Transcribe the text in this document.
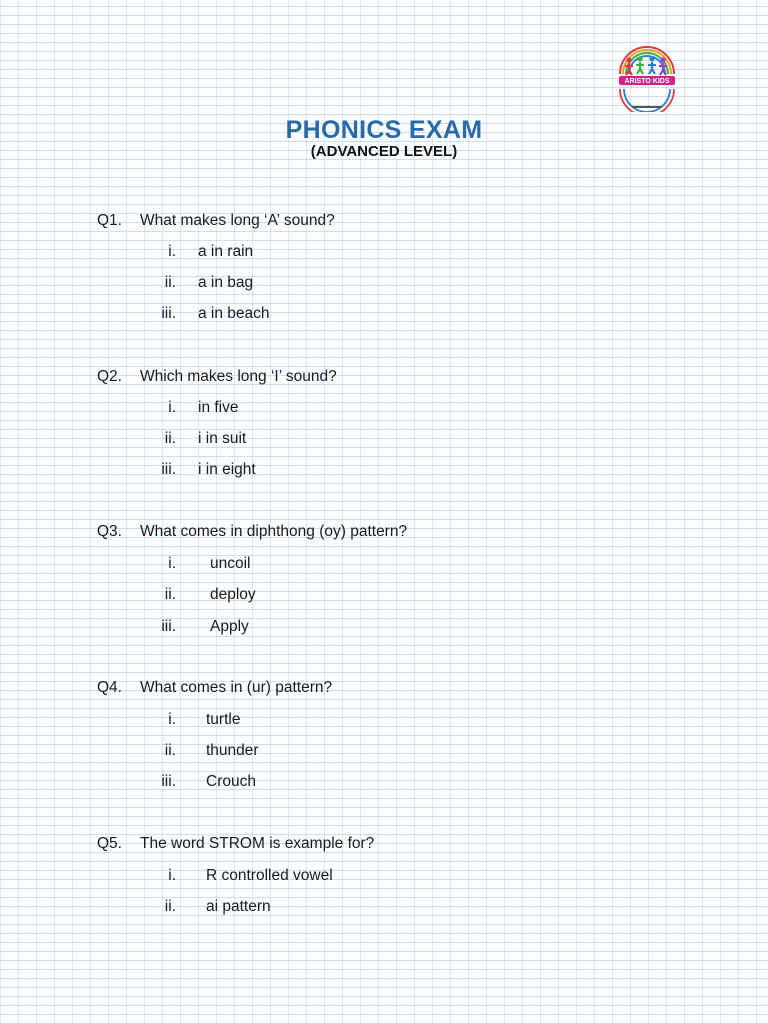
ARISTO KIDS
PHONICS EXAM
(ADVANCED LEVEL)
Q1. What makes long ‘A’ sound?
i. a in rain
ii. a in bag
iii. a in beach
Q2. Which makes long ‘I’ sound?
i. in five
ii. i in suit
iii. i in eight
Q3. What comes in diphthong (oy) pattern?
i. uncoil
ii. deploy
iii. Apply
Q4. What comes in (ur) pattern?
i. turtle
ii. thunder
iii. Crouch
Q5. The word STROM is example for?
i. R controlled vowel
ii. ai pattern
